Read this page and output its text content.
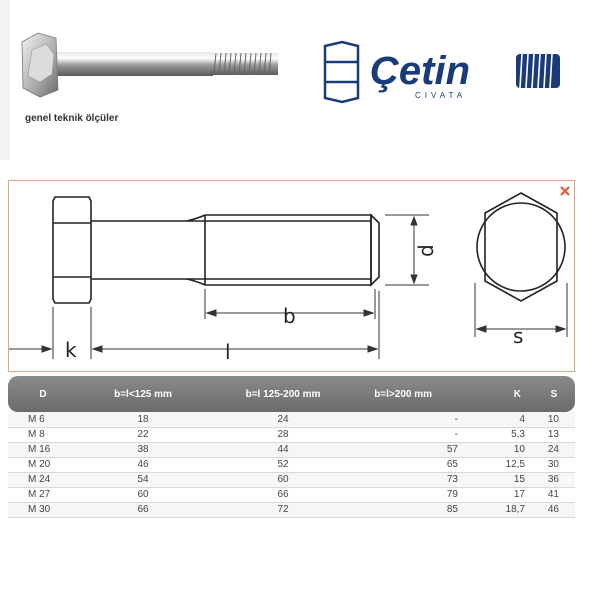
genel teknik ölçüler
Çetin
CIVATA
k	l
b
d
s
D	b=l<125 mm	b=l 125-200 mm	b=l>200 mm	K	S
M 6	18	24	-	4	10
M 8	22	28	-	5,3	13
M 16	38	44	57	10	24
M 20	46	52	65	12,5	30
M 24	54	60	73	15	36
M 27	60	66	79	17	41
M 30	66	72	85	18,7	46
